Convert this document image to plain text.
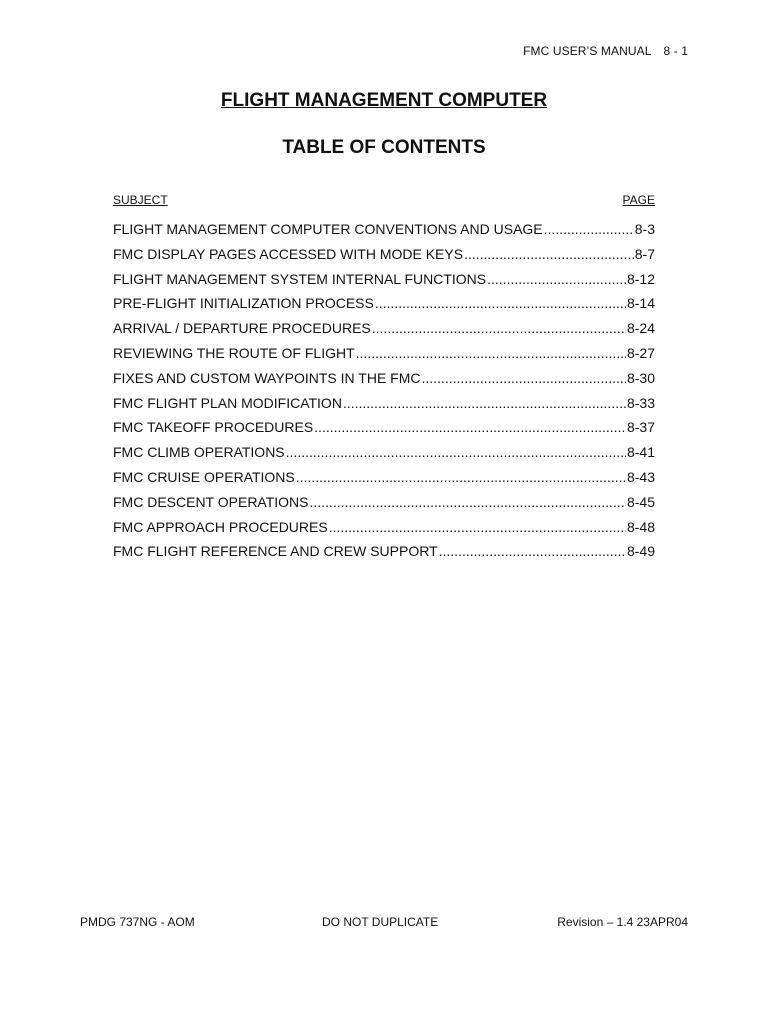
FMC USER’S MANUAL 8 - 1
FLIGHT MANAGEMENT COMPUTER
TABLE OF CONTENTS
SUBJECT	PAGE
FLIGHT MANAGEMENT COMPUTER CONVENTIONS AND USAGE .....	8-3
FMC DISPLAY PAGES ACCESSED WITH MODE KEYS .....	8-7
FLIGHT MANAGEMENT SYSTEM INTERNAL FUNCTIONS .....	8-12
PRE-FLIGHT INITIALIZATION PROCESS .....	8-14
ARRIVAL / DEPARTURE PROCEDURES .....	8-24
REVIEWING THE ROUTE OF FLIGHT .....	8-27
FIXES AND CUSTOM WAYPOINTS IN THE FMC .....	8-30
FMC FLIGHT PLAN MODIFICATION .....	8-33
FMC TAKEOFF PROCEDURES .....	8-37
FMC CLIMB OPERATIONS .....	8-41
FMC CRUISE OPERATIONS .....	8-43
FMC DESCENT OPERATIONS .....	8-45
FMC APPROACH PROCEDURES .....	8-48
FMC FLIGHT REFERENCE AND CREW SUPPORT .....	8-49
PMDG 737NG - AOM	DO NOT DUPLICATE	Revision – 1.4 23APR04
